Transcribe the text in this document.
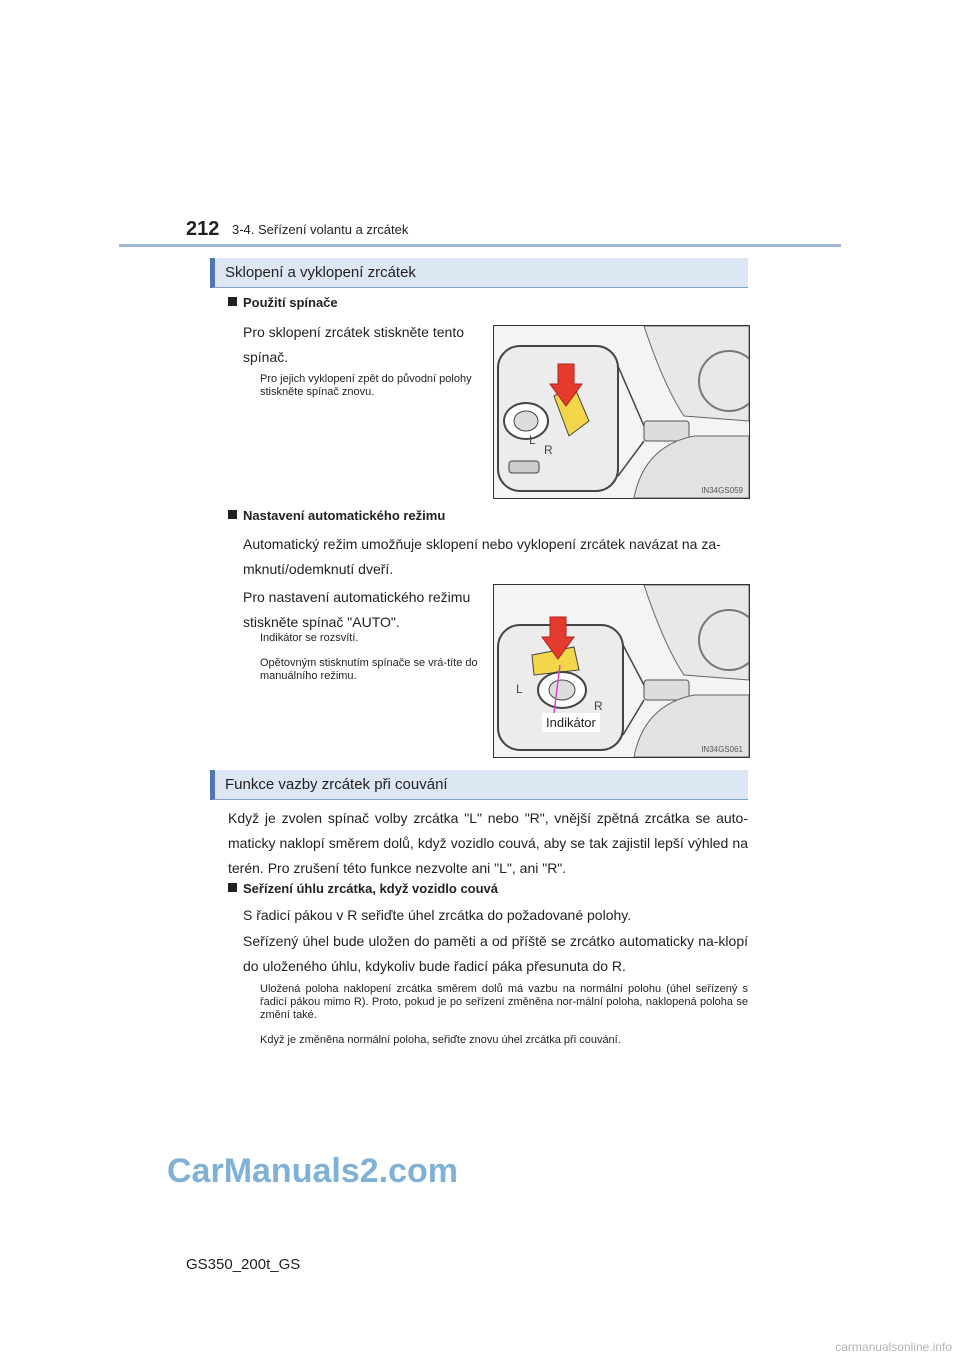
212 3-4. Seřízení volantu a zrcátek
Sklopení a vyklopení zrcátek
Použití spínače
Pro sklopení zrcátek stiskněte tento spínač.
Pro jejich vyklopení zpět do původní polohy stiskněte spínač znovu.
L
R
IN34GS059
Nastavení automatického režimu
Automatický režim umožňuje sklopení nebo vyklopení zrcátek navázat na za-mknutí/odemknutí dveří.
Pro nastavení automatického režimu stiskněte spínač "AUTO".
Indikátor se rozsvítí.
Opětovným stisknutím spínače se vrá-títe do manuálního režimu.
L
R
Indikátor
IN34GS061
Funkce vazby zrcátek při couvání
Když je zvolen spínač volby zrcátka "L" nebo "R", vnější zpětná zrcátka se auto-maticky naklopí směrem dolů, když vozidlo couvá, aby se tak zajistil lepší výhled na terén. Pro zrušení této funkce nezvolte ani "L", ani "R".
Seřízení úhlu zrcátka, když vozidlo couvá
S řadicí pákou v R seřiďte úhel zrcátka do požadované polohy.
Seřízený úhel bude uložen do paměti a od příště se zrcátko automaticky na-klopí do uloženého úhlu, kdykoliv bude řadicí páka přesunuta do R.
Uložená poloha naklopení zrcátka směrem dolů má vazbu na normální polohu (úhel seřízený s řadicí pákou mimo R). Proto, pokud je po seřízení změněna nor-mální poloha, naklopená poloha se změní také.
Když je změněna normální poloha, seřiďte znovu úhel zrcátka při couvání.
CarManuals2.com
GS350_200t_GS
carmanualsonline.info
